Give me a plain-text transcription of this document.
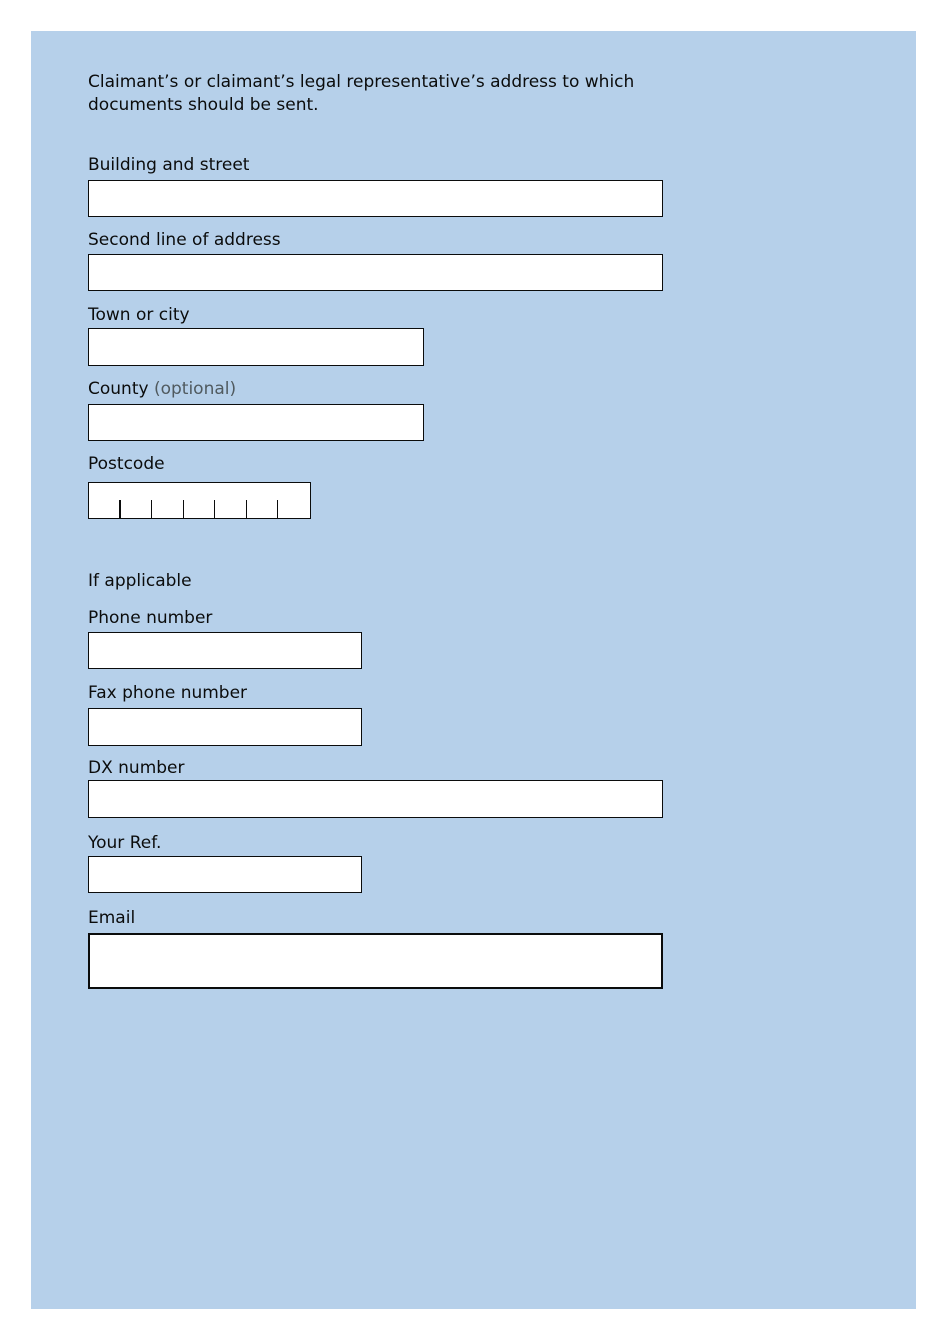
Claimant’s or claimant’s legal representative’s address to which documents should be sent.

Building and street
Second line of address
Town or city
County (optional)
Postcode
If applicable
Phone number
Fax phone number
DX number
Your Ref.
Email
